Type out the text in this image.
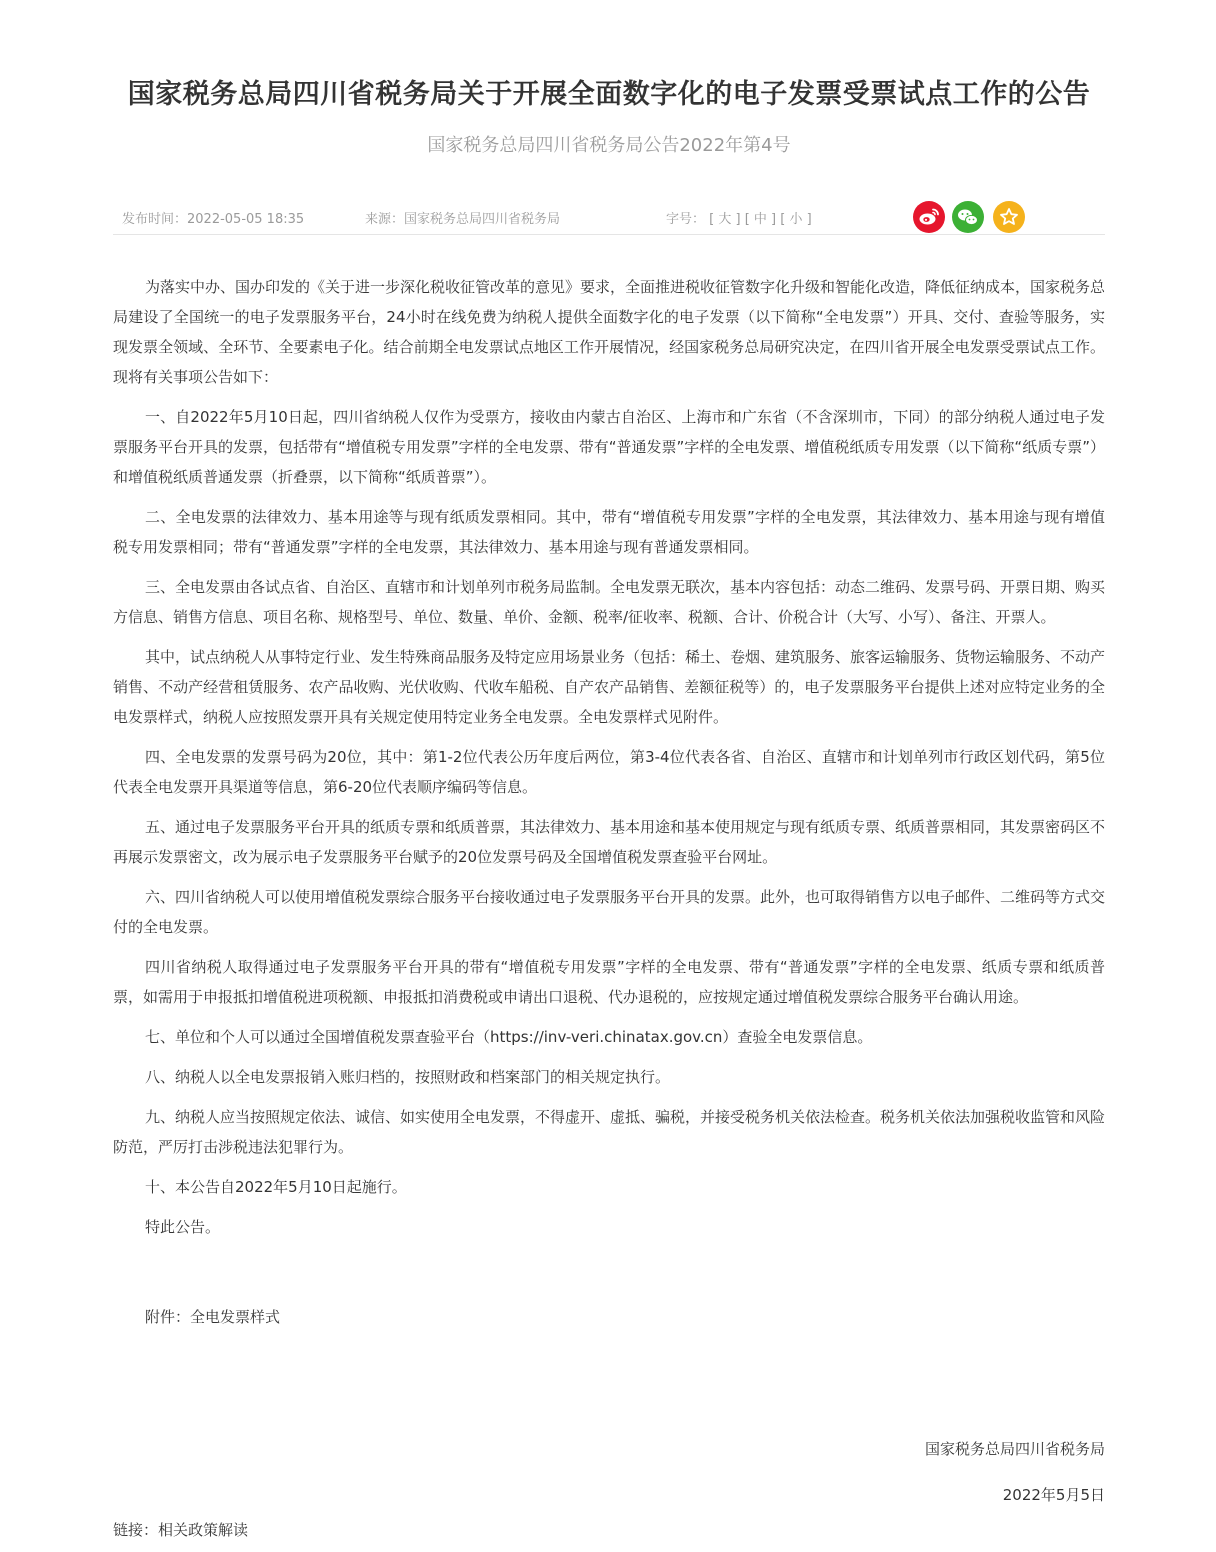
国家税务总局四川省税务局关于开展全面数字化的电子发票受票试点工作的公告
国家税务总局四川省税务局公告2022年第4号
发布时间：2022-05-05 18:35	来源：国家税务总局四川省税务局	字号： [ 大 ] [ 中 ] [ 小 ]

为落实中办、国办印发的《关于进一步深化税收征管改革的意见》要求，全面推进税收征管数字化升级和智能化改造，降低征纳成本，国家税务总局建设了全国统一的电子发票服务平台，24小时在线免费为纳税人提供全面数字化的电子发票（以下简称“全电发票”）开具、交付、查验等服务，实现发票全领域、全环节、全要素电子化。结合前期全电发票试点地区工作开展情况，经国家税务总局研究决定，在四川省开展全电发票受票试点工作。现将有关事项公告如下：

一、自2022年5月10日起，四川省纳税人仅作为受票方，接收由内蒙古自治区、上海市和广东省（不含深圳市，下同）的部分纳税人通过电子发票服务平台开具的发票，包括带有“增值税专用发票”字样的全电发票、带有“普通发票”字样的全电发票、增值税纸质专用发票（以下简称“纸质专票”）和增值税纸质普通发票（折叠票，以下简称“纸质普票”）。

二、全电发票的法律效力、基本用途等与现有纸质发票相同。其中，带有“增值税专用发票”字样的全电发票，其法律效力、基本用途与现有增值税专用发票相同；带有“普通发票”字样的全电发票，其法律效力、基本用途与现有普通发票相同。

三、全电发票由各试点省、自治区、直辖市和计划单列市税务局监制。全电发票无联次，基本内容包括：动态二维码、发票号码、开票日期、购买方信息、销售方信息、项目名称、规格型号、单位、数量、单价、金额、税率/征收率、税额、合计、价税合计（大写、小写）、备注、开票人。

其中，试点纳税人从事特定行业、发生特殊商品服务及特定应用场景业务（包括：稀土、卷烟、建筑服务、旅客运输服务、货物运输服务、不动产销售、不动产经营租赁服务、农产品收购、光伏收购、代收车船税、自产农产品销售、差额征税等）的，电子发票服务平台提供上述对应特定业务的全电发票样式，纳税人应按照发票开具有关规定使用特定业务全电发票。全电发票样式见附件。

四、全电发票的发票号码为20位，其中：第1-2位代表公历年度后两位，第3-4位代表各省、自治区、直辖市和计划单列市行政区划代码，第5位代表全电发票开具渠道等信息，第6-20位代表顺序编码等信息。

五、通过电子发票服务平台开具的纸质专票和纸质普票，其法律效力、基本用途和基本使用规定与现有纸质专票、纸质普票相同，其发票密码区不再展示发票密文，改为展示电子发票服务平台赋予的20位发票号码及全国增值税发票查验平台网址。

六、四川省纳税人可以使用增值税发票综合服务平台接收通过电子发票服务平台开具的发票。此外，也可取得销售方以电子邮件、二维码等方式交付的全电发票。

四川省纳税人取得通过电子发票服务平台开具的带有“增值税专用发票”字样的全电发票、带有“普通发票”字样的全电发票、纸质专票和纸质普票，如需用于申报抵扣增值税进项税额、申报抵扣消费税或申请出口退税、代办退税的，应按规定通过增值税发票综合服务平台确认用途。

七、单位和个人可以通过全国增值税发票查验平台（https://inv-veri.chinatax.gov.cn）查验全电发票信息。

八、纳税人以全电发票报销入账归档的，按照财政和档案部门的相关规定执行。

九、纳税人应当按照规定依法、诚信、如实使用全电发票，不得虚开、虚抵、骗税，并接受税务机关依法检查。税务机关依法加强税收监管和风险防范，严厉打击涉税违法犯罪行为。

十、本公告自2022年5月10日起施行。

特此公告。

附件：全电发票样式

国家税务总局四川省税务局
2022年5月5日
链接：相关政策解读
